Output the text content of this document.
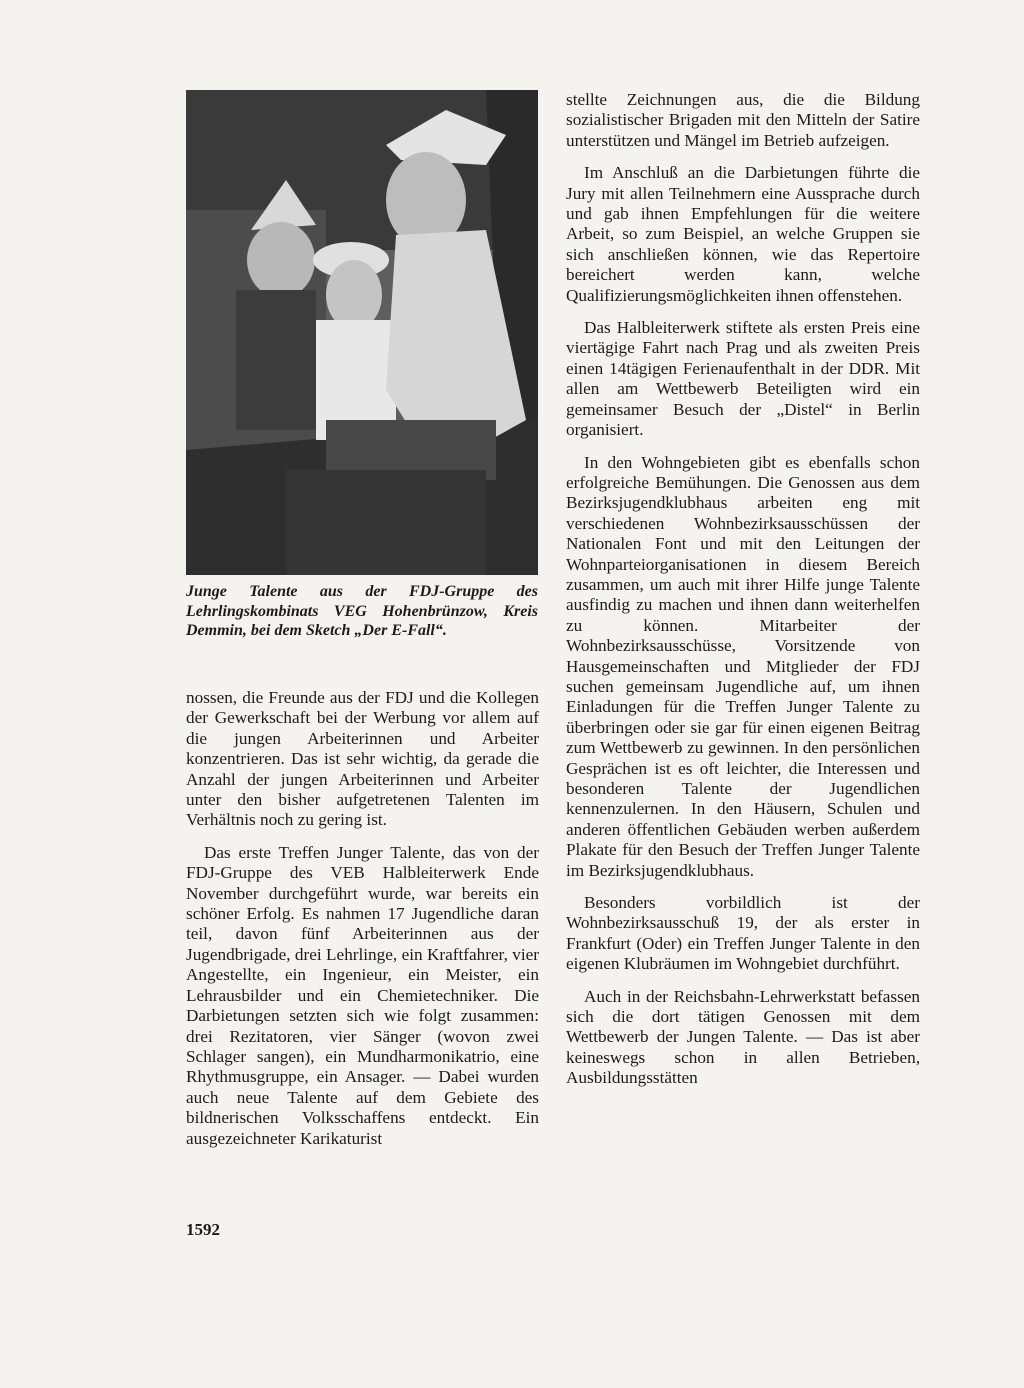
Junge Talente aus der FDJ-Gruppe des Lehrlingskombinats VEG Hohenbrünzow, Kreis Demmin, bei dem Sketch „Der E-Fall“.

nossen, die Freunde aus der FDJ und die Kollegen der Gewerkschaft bei der Werbung vor allem auf die jungen Arbeiterinnen und Arbeiter konzentrieren. Das ist sehr wichtig, da gerade die Anzahl der jungen Arbeiterinnen und Arbeiter unter den bisher aufgetretenen Talenten im Verhältnis noch zu gering ist.

Das erste Treffen Junger Talente, das von der FDJ-Gruppe des VEB Halbleiterwerk Ende November durchgeführt wurde, war bereits ein schöner Erfolg. Es nahmen 17 Jugendliche daran teil, davon fünf Arbeiterinnen aus der Jugendbrigade, drei Lehrlinge, ein Kraftfahrer, vier Angestellte, ein Ingenieur, ein Meister, ein Lehrausbilder und ein Chemietechniker. Die Darbietungen setzten sich wie folgt zusammen: drei Rezitatoren, vier Sänger (wovon zwei Schlager sangen), ein Mundharmonikatrio, eine Rhythmusgruppe, ein Ansager. — Dabei wurden auch neue Talente auf dem Gebiete des bildnerischen Volksschaffens entdeckt. Ein ausgezeichneter Karikaturist

stellte Zeichnungen aus, die die Bildung sozialistischer Brigaden mit den Mitteln der Satire unterstützen und Mängel im Betrieb aufzeigen.

Im Anschluß an die Darbietungen führte die Jury mit allen Teilnehmern eine Aussprache durch und gab ihnen Empfehlungen für die weitere Arbeit, so zum Beispiel, an welche Gruppen sie sich anschließen können, wie das Repertoire bereichert werden kann, welche Qualifizierungsmöglichkeiten ihnen offenstehen.

Das Halbleiterwerk stiftete als ersten Preis eine viertägige Fahrt nach Prag und als zweiten Preis einen 14tägigen Ferienaufenthalt in der DDR. Mit allen am Wettbewerb Beteiligten wird ein gemeinsamer Besuch der „Distel“ in Berlin organisiert.

In den Wohngebieten gibt es ebenfalls schon erfolgreiche Bemühungen. Die Genossen aus dem Bezirksjugendklubhaus arbeiten eng mit verschiedenen Wohnbezirksausschüssen der Nationalen Font und mit den Leitungen der Wohnparteiorganisationen in diesem Bereich zusammen, um auch mit ihrer Hilfe junge Talente ausfindig zu machen und ihnen dann weiterhelfen zu können. Mitarbeiter der Wohnbezirksausschüsse, Vorsitzende von Hausgemeinschaften und Mitglieder der FDJ suchen gemeinsam Jugendliche auf, um ihnen Einladungen für die Treffen Junger Talente zu überbringen oder sie gar für einen eigenen Beitrag zum Wettbewerb zu gewinnen. In den persönlichen Gesprächen ist es oft leichter, die Interessen und besonderen Talente der Jugendlichen kennenzulernen. In den Häusern, Schulen und anderen öffentlichen Gebäuden werben außerdem Plakate für den Besuch der Treffen Junger Talente im Bezirksjugendklubhaus.

Besonders vorbildlich ist der Wohnbezirksausschuß 19, der als erster in Frankfurt (Oder) ein Treffen Junger Talente in den eigenen Klubräumen im Wohngebiet durchführt.

Auch in der Reichsbahn-Lehrwerkstatt befassen sich die dort tätigen Genossen mit dem Wettbewerb der Jungen Talente. — Das ist aber keineswegs schon in allen Betrieben, Ausbildungsstätten

1592
